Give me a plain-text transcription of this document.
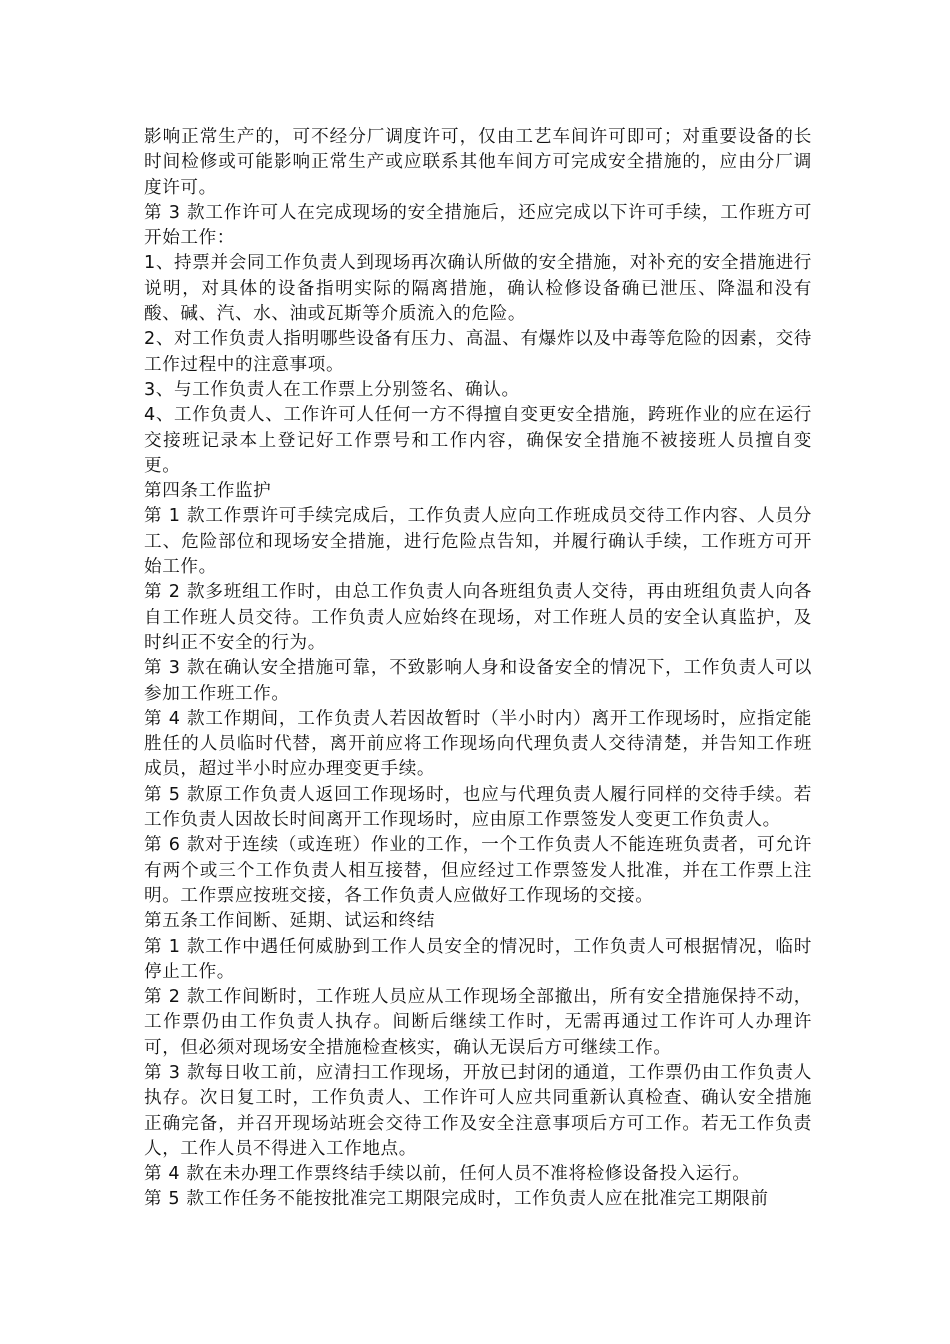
影响正常生产的，可不经分厂调度许可，仅由工艺车间许可即可；对重要设备的长时间检修或可能影响正常生产或应联系其他车间方可完成安全措施的，应由分厂调度许可。

第 3 款工作许可人在完成现场的安全措施后，还应完成以下许可手续，工作班方可开始工作：

1、持票并会同工作负责人到现场再次确认所做的安全措施，对补充的安全措施进行说明，对具体的设备指明实际的隔离措施，确认检修设备确已泄压、降温和没有酸、碱、汽、水、油或瓦斯等介质流入的危险。

2、对工作负责人指明哪些设备有压力、高温、有爆炸以及中毒等危险的因素，交待工作过程中的注意事项。

3、与工作负责人在工作票上分别签名、确认。

4、工作负责人、工作许可人任何一方不得擅自变更安全措施，跨班作业的应在运行交接班记录本上登记好工作票号和工作内容，确保安全措施不被接班人员擅自变更。

第四条工作监护

第 1 款工作票许可手续完成后，工作负责人应向工作班成员交待工作内容、人员分工、危险部位和现场安全措施，进行危险点告知，并履行确认手续，工作班方可开始工作。

第 2 款多班组工作时，由总工作负责人向各班组负责人交待，再由班组负责人向各自工作班人员交待。工作负责人应始终在现场，对工作班人员的安全认真监护，及时纠正不安全的行为。

第 3 款在确认安全措施可靠，不致影响人身和设备安全的情况下，工作负责人可以参加工作班工作。

第 4 款工作期间，工作负责人若因故暂时（半小时内）离开工作现场时，应指定能胜任的人员临时代替，离开前应将工作现场向代理负责人交待清楚，并告知工作班成员，超过半小时应办理变更手续。

第 5 款原工作负责人返回工作现场时，也应与代理负责人履行同样的交待手续。若工作负责人因故长时间离开工作现场时，应由原工作票签发人变更工作负责人。

第 6 款对于连续（或连班）作业的工作，一个工作负责人不能连班负责者，可允许有两个或三个工作负责人相互接替，但应经过工作票签发人批准，并在工作票上注明。工作票应按班交接，各工作负责人应做好工作现场的交接。

第五条工作间断、延期、试运和终结

第 1 款工作中遇任何威胁到工作人员安全的情况时，工作负责人可根据情况，临时停止工作。

第 2 款工作间断时，工作班人员应从工作现场全部撤出，所有安全措施保持不动，工作票仍由工作负责人执存。间断后继续工作时，无需再通过工作许可人办理许可，但必须对现场安全措施检查核实，确认无误后方可继续工作。

第 3 款每日收工前，应清扫工作现场，开放已封闭的通道，工作票仍由工作负责人执存。次日复工时，工作负责人、工作许可人应共同重新认真检查、确认安全措施正确完备，并召开现场站班会交待工作及安全注意事项后方可工作。若无工作负责人，工作人员不得进入工作地点。

第 4 款在未办理工作票终结手续以前，任何人员不准将检修设备投入运行。

第 5 款工作任务不能按批准完工期限完成时，工作负责人应在批准完工期限前
